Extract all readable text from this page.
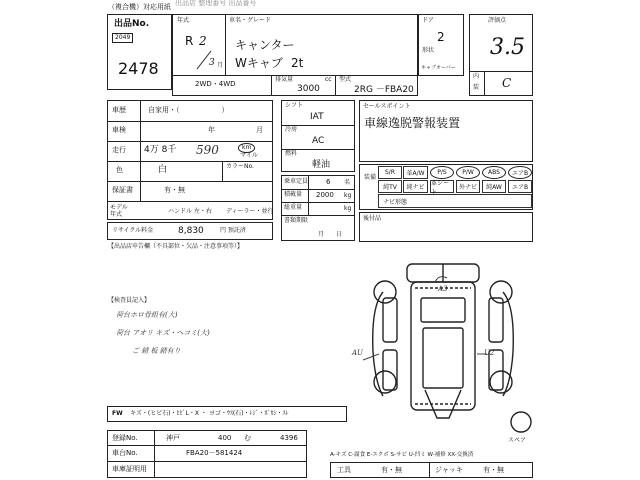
出品店 整理番号 出品番号
（複合機）対応用紙
出品No.
2049
2478
年式
R 2
3 月
車名・グレード
キャンター
Wキャブ 2t
2WD・4WD
排気量	cc
3000
型式
2RG －FBA20
ドア
2
形状
キャブオーバー
評価点
3.5
内
装 C
車歴	自家用・（　　　　　　）
車検	年	月
走行 4万 8千 590	km
マイル
色	白	カラーNo.
保証書	有・無
モデル
年式	ハンドル 左・右 ディーラー・並行
リサイクル料金	8,830	円 預託済
【出品店申告欄（不具部位・欠品・注意事項等）】
シフト
IAT
冷房
AC
燃料
軽油
乗車定員	6 名
積載量 2000 kg
総重量	kg
書類期限
月　　日
セールスポイント
車線逸脱警報装置
装備
S/R	革A/W	P/S	P/W	ABS	エアB
純TV	純ナビ
革シート
外ナビ	純AW	エアB
ナビ形態
後付品
【検査員記入】
荷台ホロ骨組有(大)
荷台 アオリ キズ・ヘコミ(大)
ご 錆 板 錆有り
A3
AU	U2
スペア
A-キズ C-腐食 E-エクボ S-サビ U-凹ミ W-補修 XX-交換済
FW キズ・(ヒビ石)・ﾋﾋﾞL・X ・ ヨゴ・ｳｽ(石)・ﾚｼﾞ・ﾎﾞｶｼ・ｽﾚ
登録No.	神戸	400 む	4396
車台No.	FBA20－581424
車庫証明用	工具	有・無	ジャッキ	有・無
